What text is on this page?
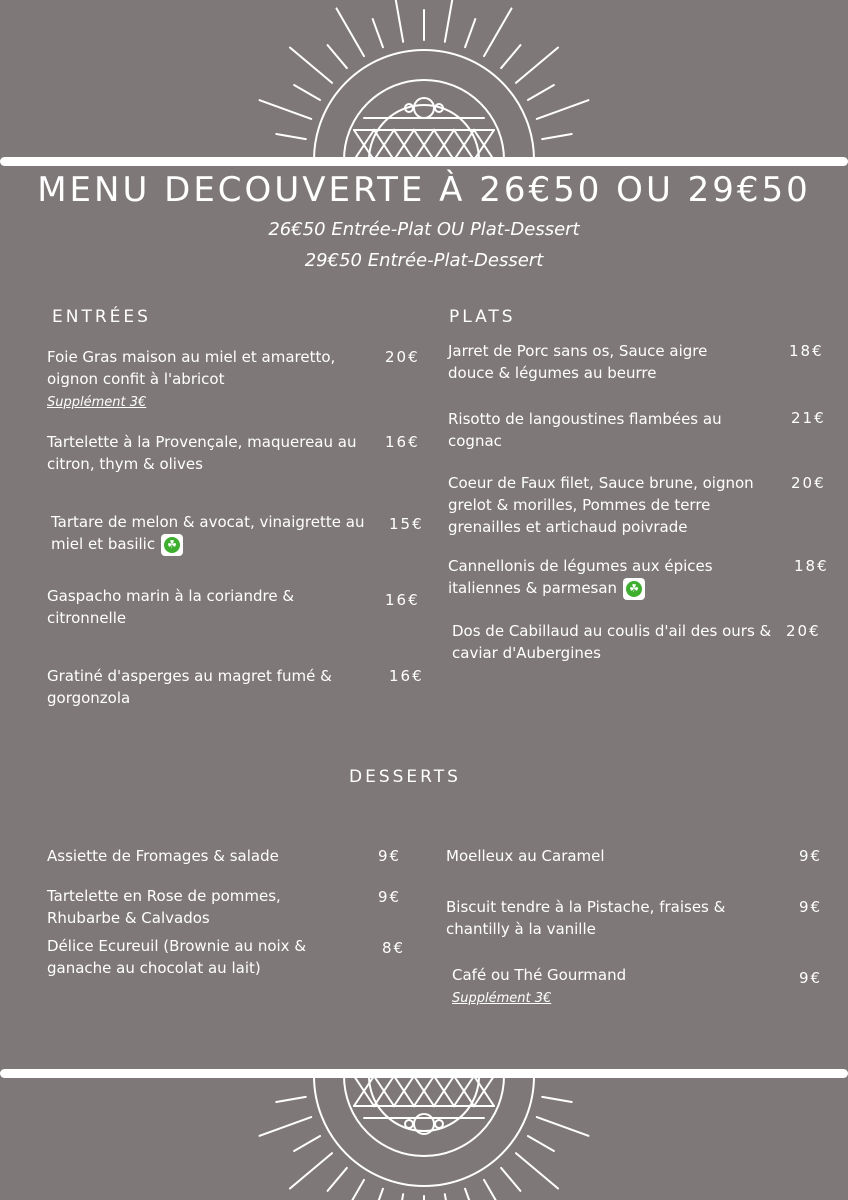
MENU DECOUVERTE À 26€50 OU 29€50
26€50 Entrée-Plat OU Plat-Dessert
29€50 Entrée-Plat-Dessert
ENTRÉES
Foie Gras maison au miel et amaretto, oignon confit à l'abricot
Supplément 3€
20€
Tartelette à la Provençale, maquereau au citron, thym & olives
16€
Tartare de melon & avocat, vinaigrette au miel et basilic ☘
15€
Gaspacho marin à la coriandre & citronnelle
16€
Gratiné d'asperges au magret fumé & gorgonzola
16€
PLATS
Jarret de Porc sans os, Sauce aigre douce & légumes au beurre
18€
Risotto de langoustines flambées au cognac
21€
Coeur de Faux filet, Sauce brune, oignon grelot & morilles, Pommes de terre grenailles et artichaud poivrade
20€
Cannellonis de légumes aux épices italiennes & parmesan ☘
18€
Dos de Cabillaud au coulis d'ail des ours & caviar d'Aubergines
20€
DESSERTS
Assiette de Fromages & salade	9€
Tartelette en Rose de pommes, Rhubarbe & Calvados
9€
Délice Ecureuil (Brownie au noix & ganache au chocolat au lait)
8€
Moelleux au Caramel	9€
Biscuit tendre à la Pistache, fraises & chantilly à la vanille
9€
Café ou Thé Gourmand
Supplément 3€
9€
